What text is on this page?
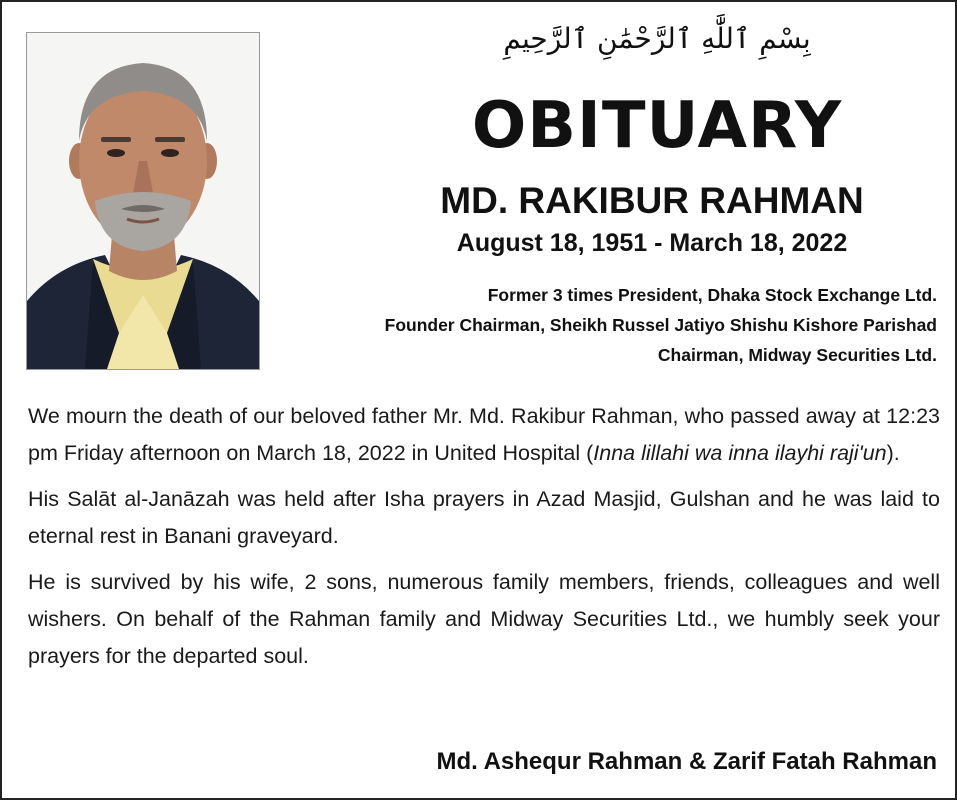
بِسْمِ ٱللَّٰهِ ٱلرَّحْمَٰنِ ٱلرَّحِيمِ
OBITUARY
MD. RAKIBUR RAHMAN
August 18, 1951 - March 18, 2022
Former 3 times President, Dhaka Stock Exchange Ltd.
Founder Chairman, Sheikh Russel Jatiyo Shishu Kishore Parishad
Chairman, Midway Securities Ltd.

We mourn the death of our beloved father Mr. Md. Rakibur Rahman, who passed away at 12:23 pm Friday afternoon on March 18, 2022 in United Hospital (Inna lillahi wa inna ilayhi raji'un).

His Salāt al-Janāzah was held after Isha prayers in Azad Masjid, Gulshan and he was laid to eternal rest in Banani graveyard.

He is survived by his wife, 2 sons, numerous family members, friends, colleagues and well wishers. On behalf of the Rahman family and Midway Securities Ltd., we humbly seek your prayers for the departed soul.

Md. Ashequr Rahman & Zarif Fatah Rahman
